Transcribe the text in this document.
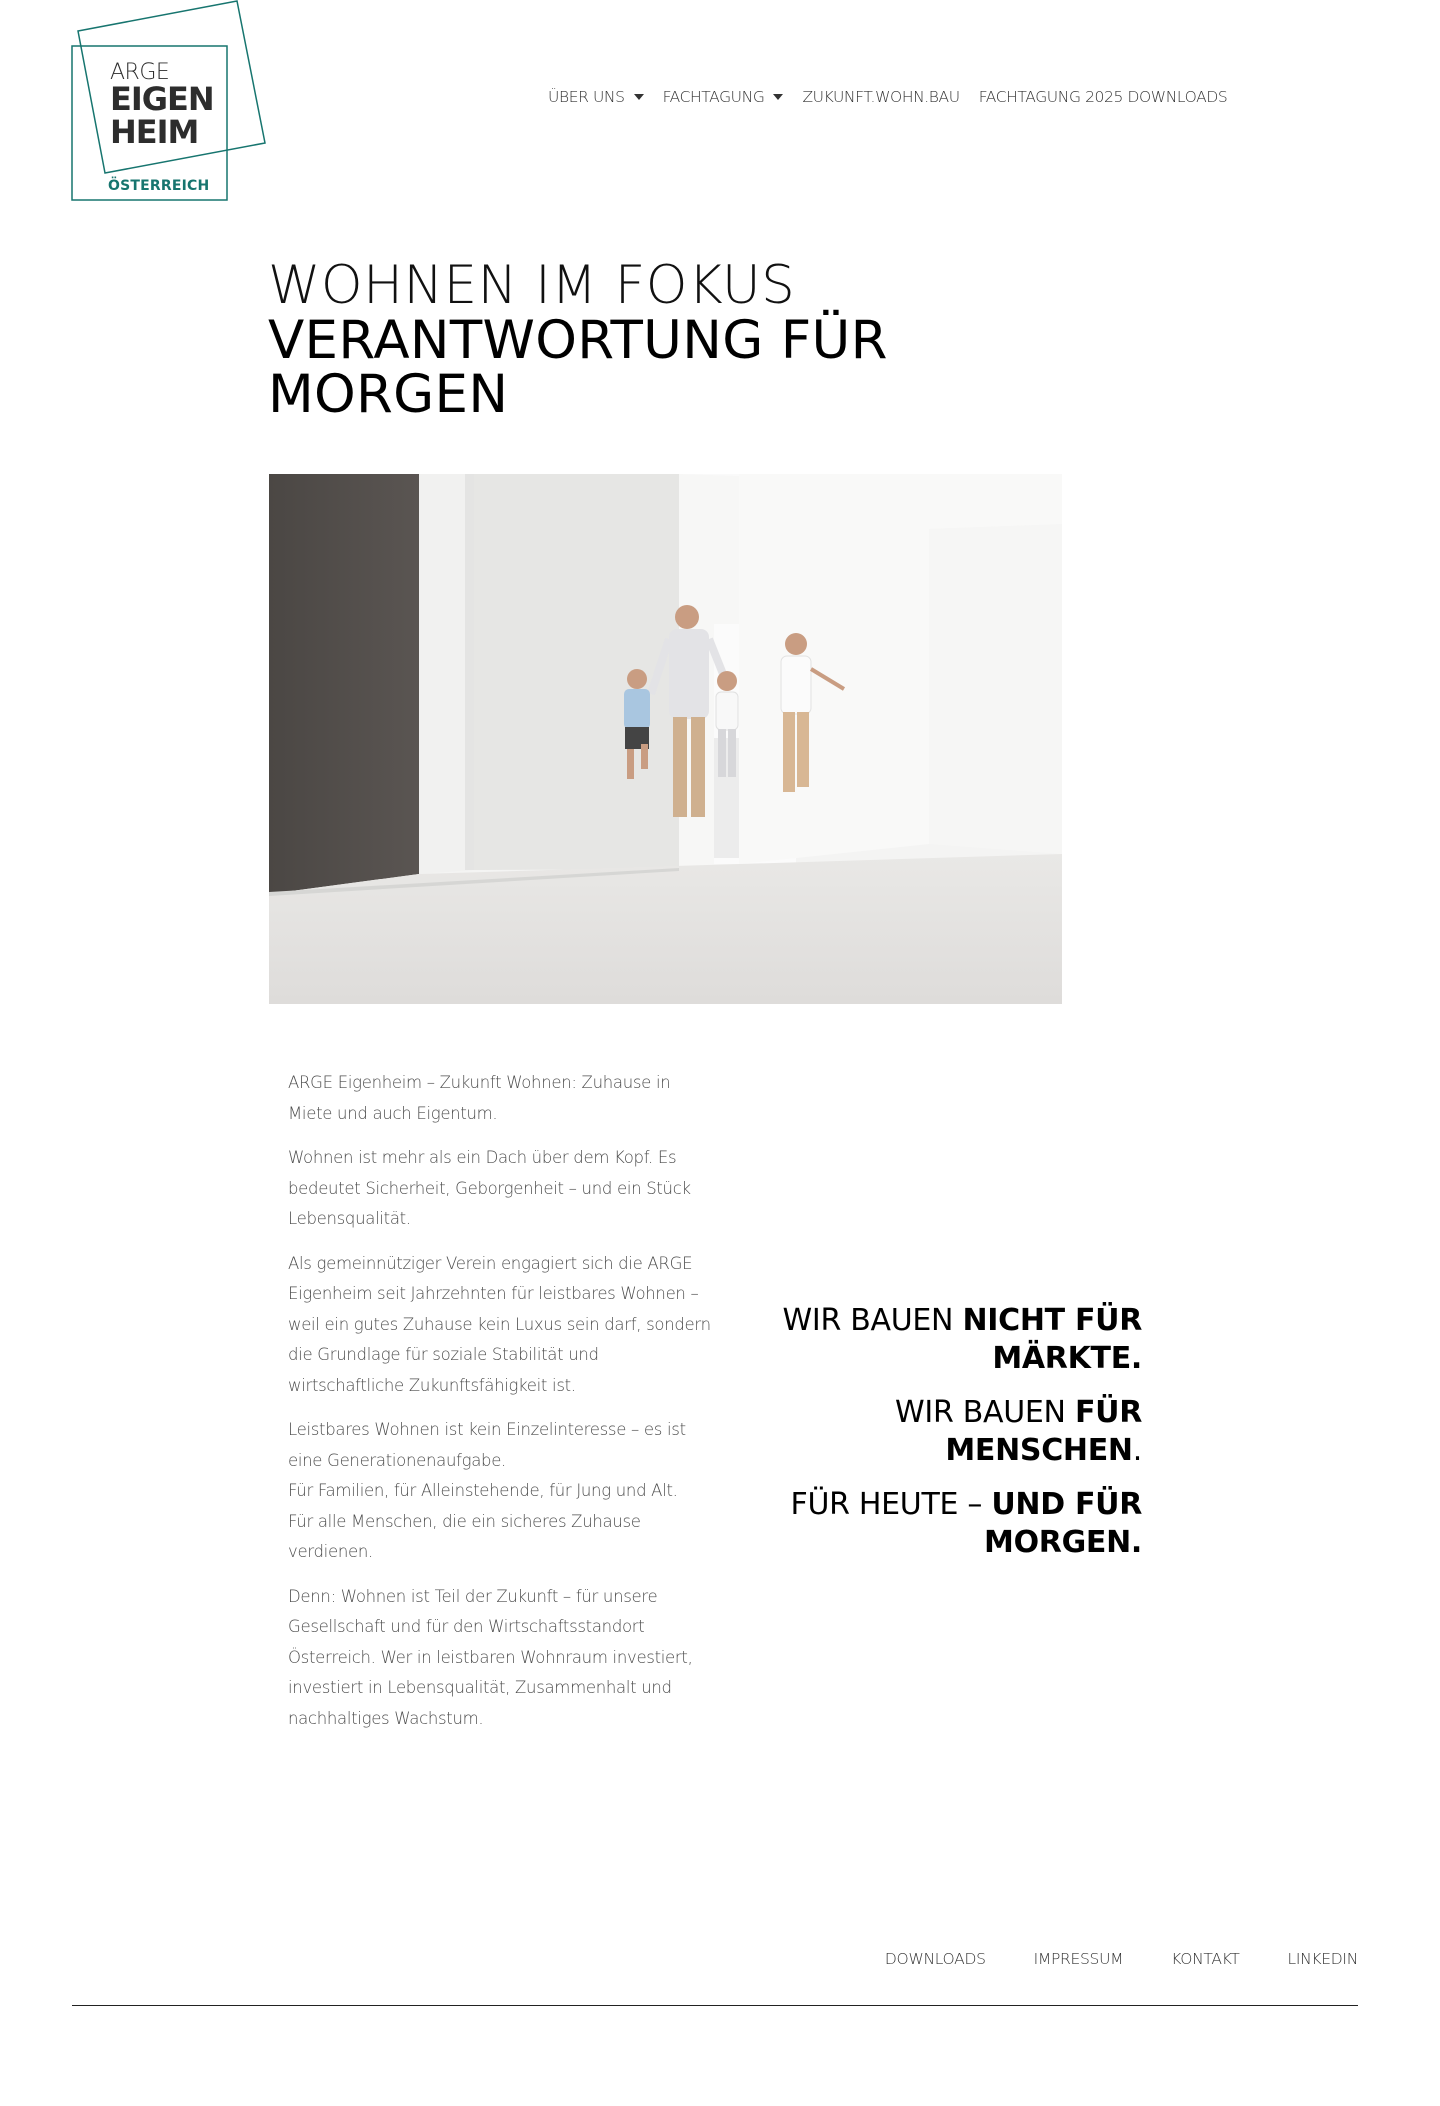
ARGE
EIGEN
HEIM
ÖSTERREICH
ÜBER UNS FACHTAGUNG ZUKUNFT.WOHN.BAU FACHTAGUNG 2025 DOWNLOADS
WOHNEN IM FOKUS
VERANTWORTUNG FÜR MORGEN

ARGE Eigenheim – Zukunft Wohnen: Zuhause in Miete und auch Eigentum.

Wohnen ist mehr als ein Dach über dem Kopf. Es bedeutet Sicherheit, Geborgenheit – und ein Stück Lebensqualität.

Als gemeinnütziger Verein engagiert sich die ARGE Eigenheim seit Jahrzehnten für leistbares Wohnen – weil ein gutes Zuhause kein Luxus sein darf, sondern die Grundlage für soziale Stabilität und wirtschaftliche Zukunftsfähigkeit ist.

Leistbares Wohnen ist kein Einzelinteresse – es ist eine Generationenaufgabe.
Für Familien, für Alleinstehende, für Jung und Alt.
Für alle Menschen, die ein sicheres Zuhause verdienen.

Denn: Wohnen ist Teil der Zukunft – für unsere Gesellschaft und für den Wirtschaftsstandort Österreich. Wer in leistbaren Wohnraum investiert, investiert in Lebensqualität, Zusammenhalt und nachhaltiges Wachstum.

WIR BAUEN NICHT FÜR MÄRKTE.

WIR BAUEN FÜR MENSCHEN.

FÜR HEUTE – UND FÜR MORGEN.

DOWNLOADS	IMPRESSUM	KONTAKT	LINKEDIN
